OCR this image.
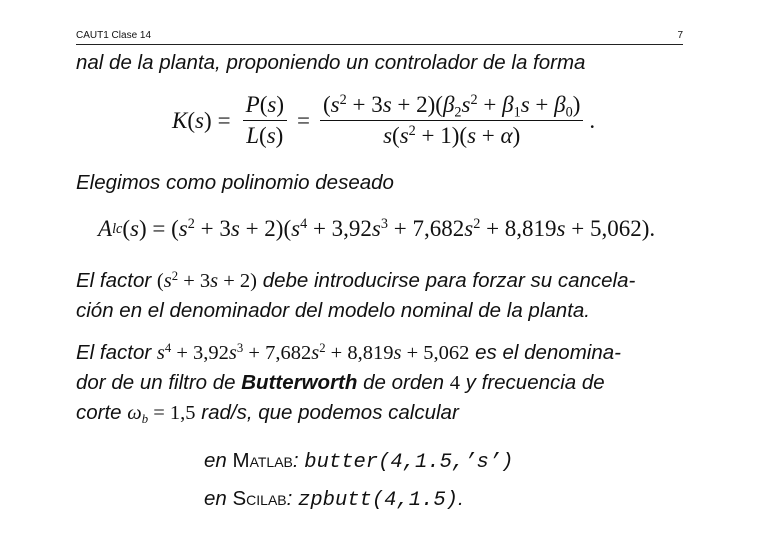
CAUT1 Clase 14	7

nal de la planta, proponiendo un controlador de la forma

K ( s ) = $\frac{P(s)}{L(s)} = \frac{(s^2 + 3s + 2)(\beta_2s^2 + \beta_1s + \beta_0)}{s(s^2 + 1)(s + \alpha)}$ .

Elegimos como polinomio deseado

A lc ( s ) =
$(s^2 + 3s + 2)(s^4 + 3,92s^3 + 7,682s^2 + 8,819s + 5,062)$.

El factor $(s^2 + 3s + 2)$ debe introducirse para forzar su cancela-
ción en el denominador del modelo nominal de la planta.

El factor $s^4 + 3,92s^3 + 7,682s^2 + 8,819s + 5,062$ es el denomina-
dor de un filtro de Butterworth de orden 4 y frecuencia de
corte $\omega_b = 1,5$ rad/s, que podemos calcular

en Matlab: butter(4,1.5,’s’)

en Scilab: zpbutt(4,1.5).
